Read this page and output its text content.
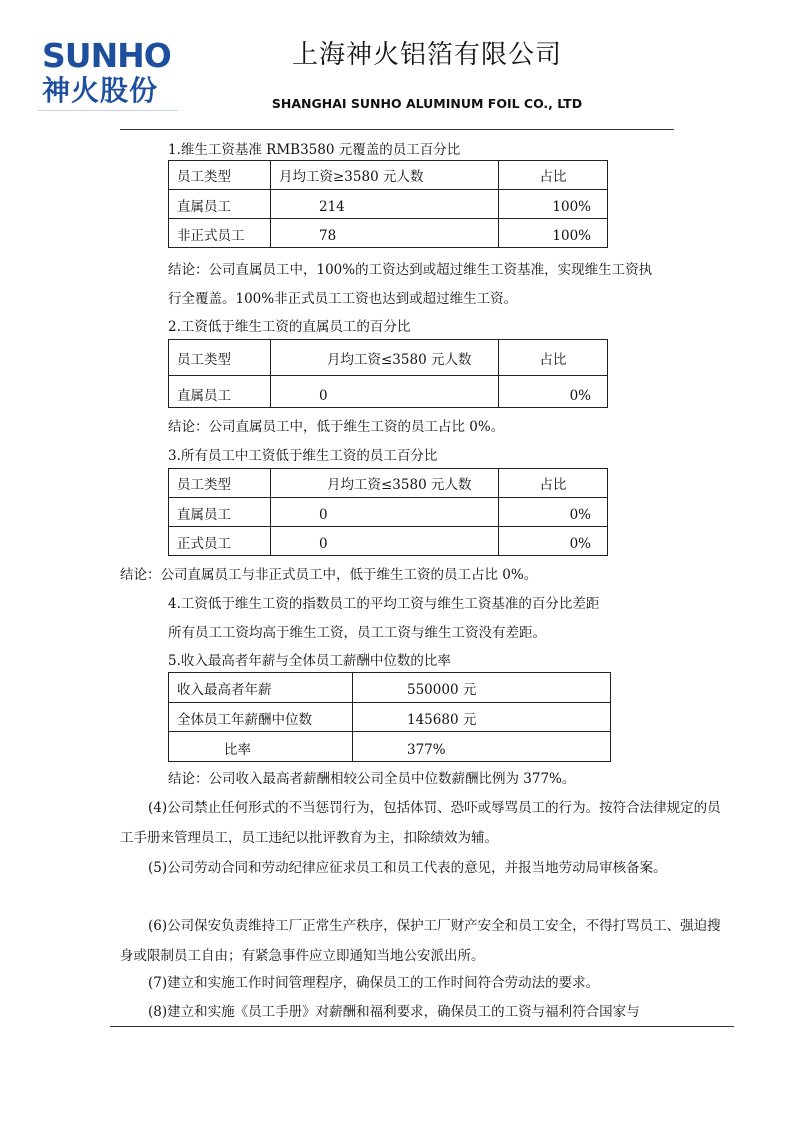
SUNHO
神火股份
上海神火铝箔有限公司
SHANGHAI SUNHO ALUMINUM FOIL CO., LTD
1.维生工资基准 RMB3580 元覆盖的员工百分比
员工类型	月均工资≥3580 元人数	占比
直属员工	214	100%
非正式员工	78	100%
结论：公司直属员工中，100%的工资达到或超过维生工资基准，实现维生工资执
行全覆盖。100%非正式员工工资也达到或超过维生工资。
2.工资低于维生工资的直属员工的百分比
员工类型	月均工资≤3580 元人数	占比
直属员工	0	0%
结论：公司直属员工中，低于维生工资的员工占比 0%。
3.所有员工中工资低于维生工资的员工百分比
员工类型	月均工资≤3580 元人数	占比
直属员工	0	0%
正式员工	0	0%
结论：公司直属员工与非正式员工中，低于维生工资的员工占比 0%。
4.工资低于维生工资的指数员工的平均工资与维生工资基准的百分比差距
所有员工工资均高于维生工资，员工工资与维生工资没有差距。
5.收入最高者年薪与全体员工薪酬中位数的比率
收入最高者年薪	550000 元
全体员工年薪酬中位数	145680 元
比率	377%
结论：公司收入最高者薪酬相较公司全员中位数薪酬比例为 377%。
(4)公司禁止任何形式的不当惩罚行为，包括体罚、恐吓或辱骂员工的行为。按符合法律规定的员工手册来管理员工，员工违纪以批评教育为主，扣除绩效为辅。
(5)公司劳动合同和劳动纪律应征求员工和员工代表的意见，并报当地劳动局审核备案。
(6)公司保安负责维持工厂正常生产秩序，保护工厂财产安全和员工安全，不得打骂员工、强迫搜身或限制员工自由；有紧急事件应立即通知当地公安派出所。
(7)建立和实施工作时间管理程序，确保员工的工作时间符合劳动法的要求。
(8)建立和实施《员工手册》对薪酬和福利要求，确保员工的工资与福利符合国家与
